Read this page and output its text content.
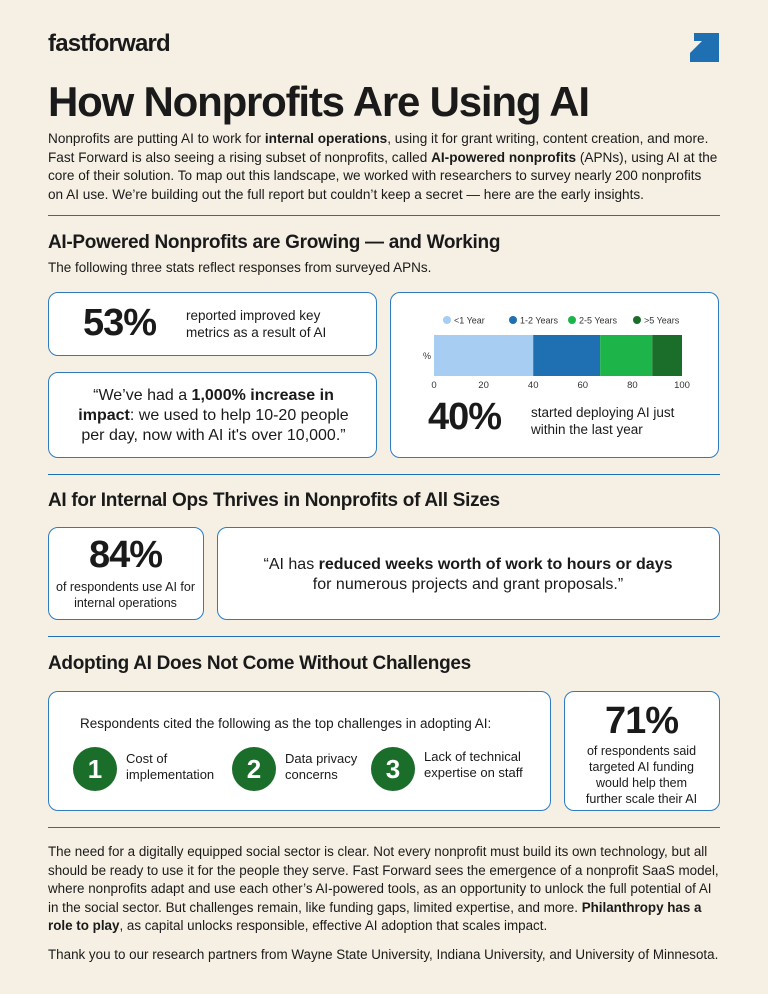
fastforward
How Nonprofits Are Using AI

Nonprofits are putting AI to work for internal operations, using it for grant writing, content creation, and more. Fast Forward is also seeing a rising subset of nonprofits, called AI-powered nonprofits (APNs), using AI at the core of their solution. To map out this landscape, we worked with researchers to survey nearly 200 nonprofits on AI use. We’re building out the full report but couldn’t keep a secret — here are the early insights.

AI-Powered Nonprofits are Growing — and Working
The following three stats reflect responses from surveyed APNs.
53% reported improved key metrics as a result of AI

“We’ve had a 1,000% increase in impact: we used to help 10-20 people per day, now with AI it's over 10,000.”

<1 Year	1-2 Years 2-5 Years	>5 Years
%
0	20	40	60	80	100
40% started deploying AI just within the last year
AI for Internal Ops Thrives in Nonprofits of All Sizes
84%
of respondents use AI for internal operations

“AI has reduced weeks worth of work to hours or days for numerous projects and grant proposals.”

Adopting AI Does Not Come Without Challenges
Respondents cited the following as the top challenges in adopting AI:
1	Cost of implementation	2	Data privacy concerns	3	Lack of technical expertise on staff
71%
of respondents said targeted AI funding would help them further scale their AI

The need for a digitally equipped social sector is clear. Not every nonprofit must build its own technology, but all should be ready to use it for the people they serve. Fast Forward sees the emergence of a nonprofit SaaS model, where nonprofits adapt and use each other’s AI-powered tools, as an opportunity to unlock the full potential of AI in the social sector. But challenges remain, like funding gaps, limited expertise, and more. Philanthropy has a role to play, as capital unlocks responsible, effective AI adoption that scales impact.

Thank you to our research partners from Wayne State University, Indiana University, and University of Minnesota.
